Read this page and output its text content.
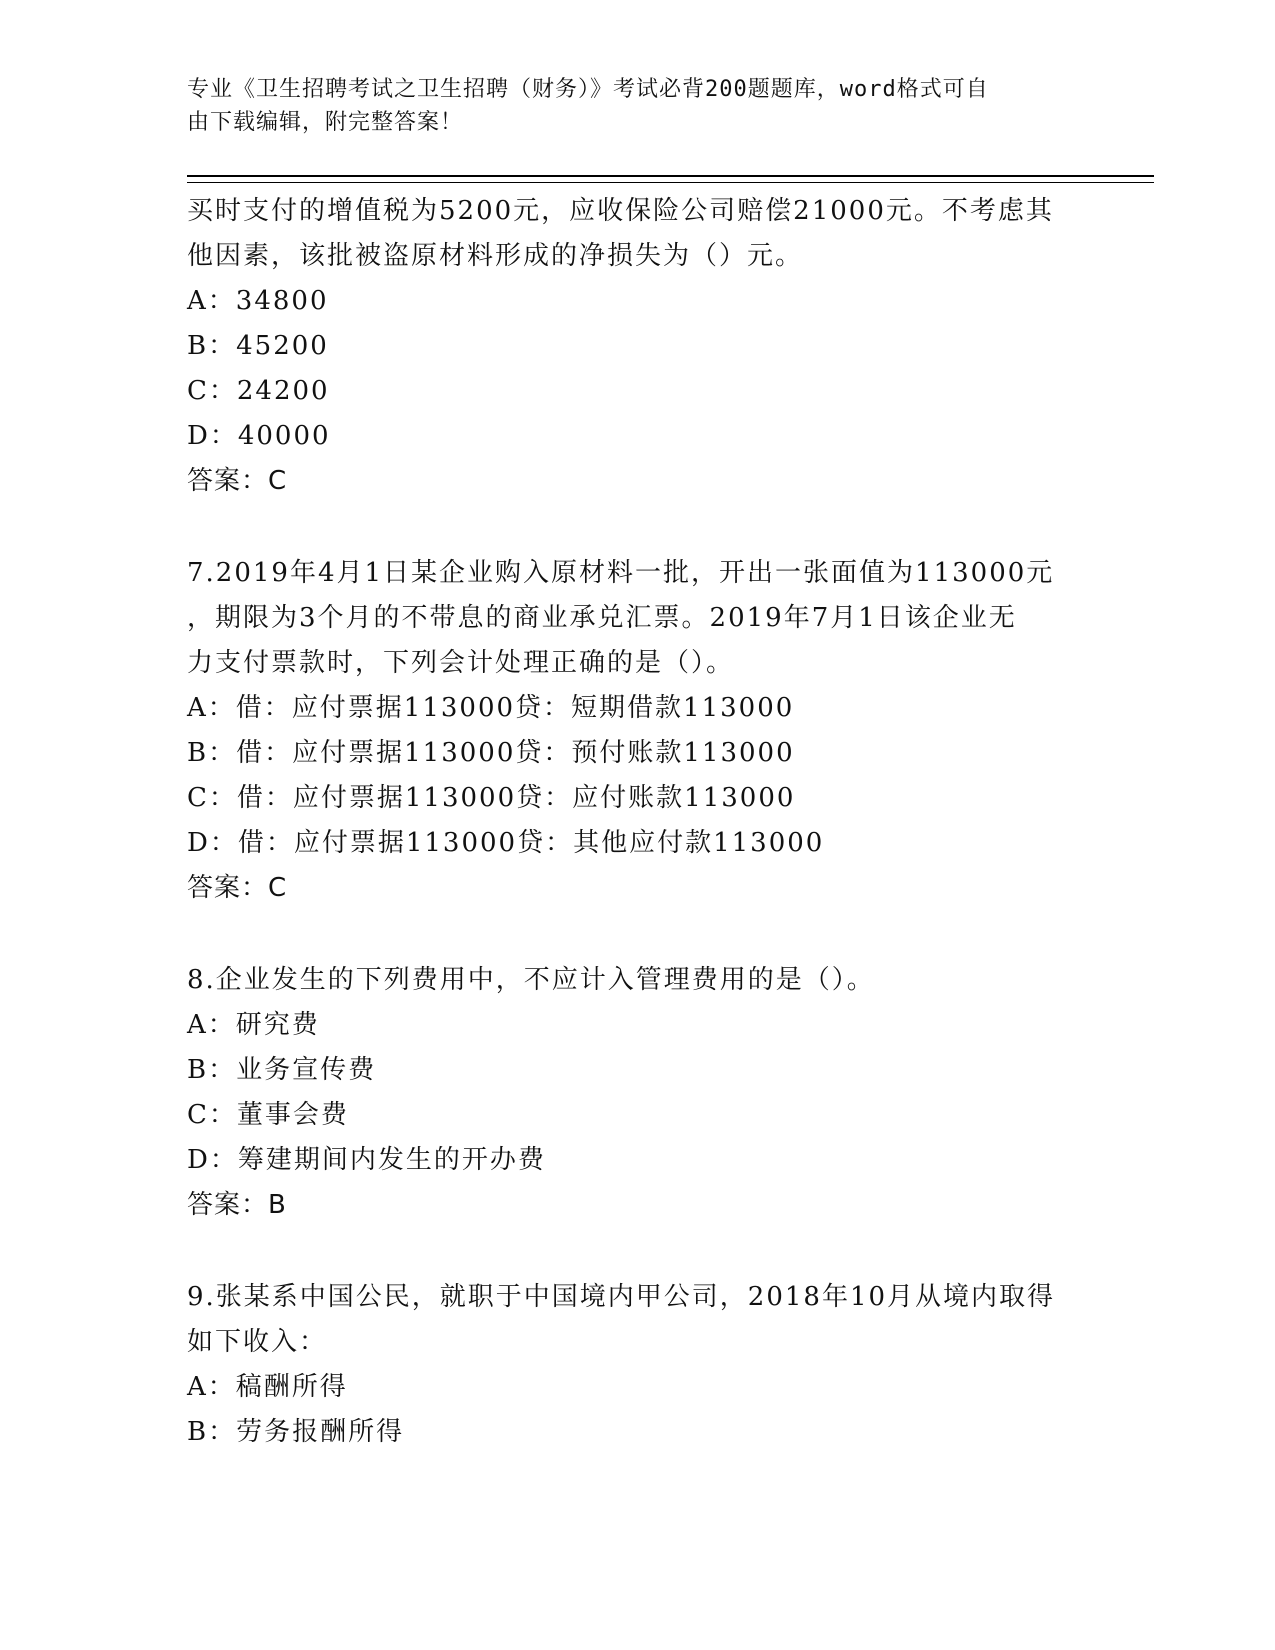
专业《卫生招聘考试之卫生招聘（财务）》考试必背200题题库，word格式可自
由下载编辑，附完整答案！
买时支付的增值税为5200元，应收保险公司赔偿21000元。不考虑其
他因素，该批被盗原材料形成的净损失为（）元。
A：34800
B：45200
C：24200
D：40000
答案：C
7.2019年4月1日某企业购入原材料一批，开出一张面值为113000元
，期限为3个月的不带息的商业承兑汇票。2019年7月1日该企业无
力支付票款时，下列会计处理正确的是（）。
A：借：应付票据113000贷：短期借款113000
B：借：应付票据113000贷：预付账款113000
C：借：应付票据113000贷：应付账款113000
D：借：应付票据113000贷：其他应付款113000
答案：C
8.企业发生的下列费用中，不应计入管理费用的是（）。
A：研究费
B：业务宣传费
C：董事会费
D：筹建期间内发生的开办费
答案：B
9.张某系中国公民，就职于中国境内甲公司，2018年10月从境内取得
如下收入：
A：稿酬所得
B：劳务报酬所得
